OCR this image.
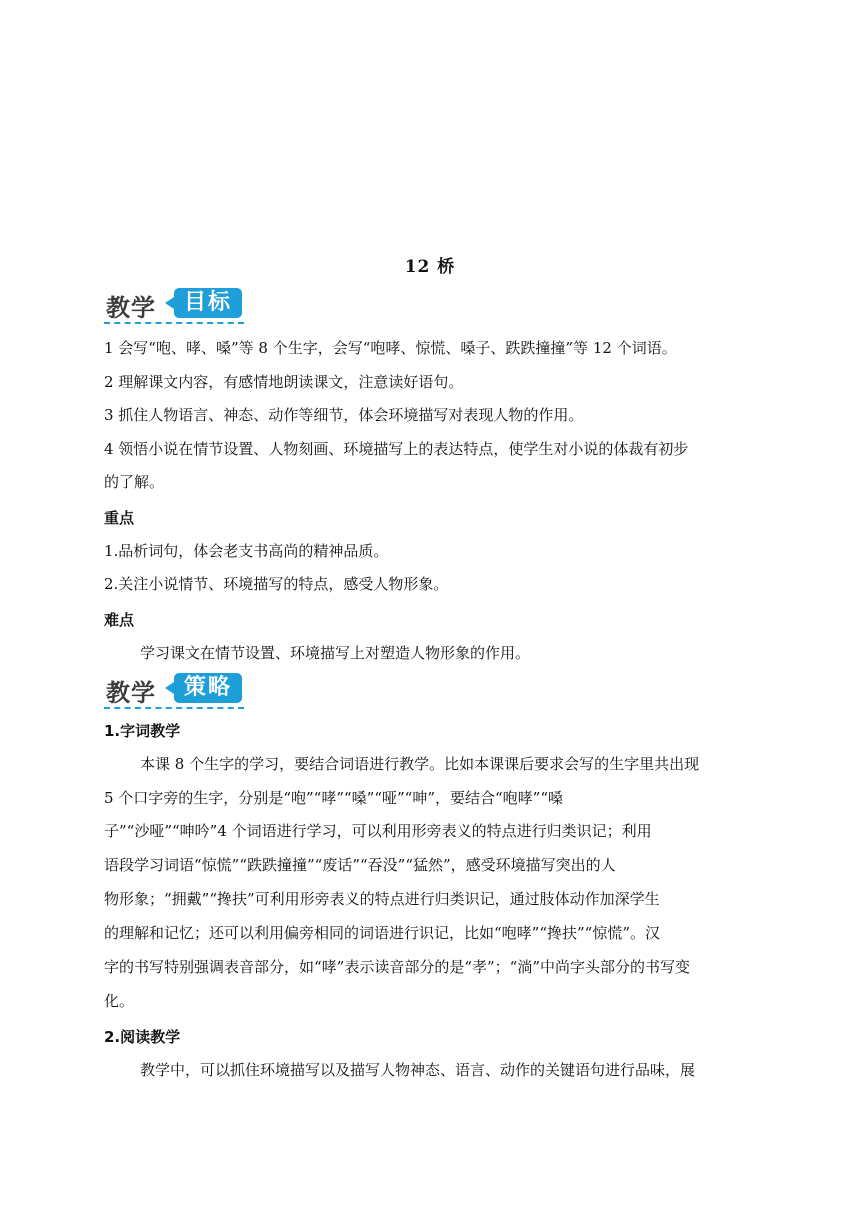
12 桥
教学	目标
1 会写“咆、哮、嗓”等 8 个生字，会写“咆哮、惊慌、嗓子、跌跌撞撞”等 12 个词语。
2 理解课文内容，有感情地朗读课文，注意读好语句。
3 抓住人物语言、神态、动作等细节，体会环境描写对表现人物的作用。
4 领悟小说在情节设置、人物刻画、环境描写上的表达特点，使学生对小说的体裁有初步
的了解。
重点
1.品析词句，体会老支书高尚的精神品质。
2.关注小说情节、环境描写的特点，感受人物形象。
难点
学习课文在情节设置、环境描写上对塑造人物形象的作用。
教学	策略
1.字词教学
本课 8 个生字的学习，要结合词语进行教学。比如本课课后要求会写的生字里共出现
5 个口字旁的生字，分别是“咆”“哮”“嗓”“哑”“呻”，要结合“咆哮”“嗓
子”“沙哑”“呻吟”4 个词语进行学习，可以利用形旁表义的特点进行归类识记；利用
语段学习词语“惊慌”“跌跌撞撞”“废话”“吞没”“猛然”，感受环境描写突出的人
物形象；“拥戴”“搀扶”可利用形旁表义的特点进行归类识记，通过肢体动作加深学生
的理解和记忆；还可以利用偏旁相同的词语进行识记，比如“咆哮”“搀扶”“惊慌”。汉
字的书写特别强调表音部分，如“哮”表示读音部分的是“孝”；“淌”中尚字头部分的书写变
化。
2.阅读教学
教学中，可以抓住环境描写以及描写人物神态、语言、动作的关键语句进行品味，展
